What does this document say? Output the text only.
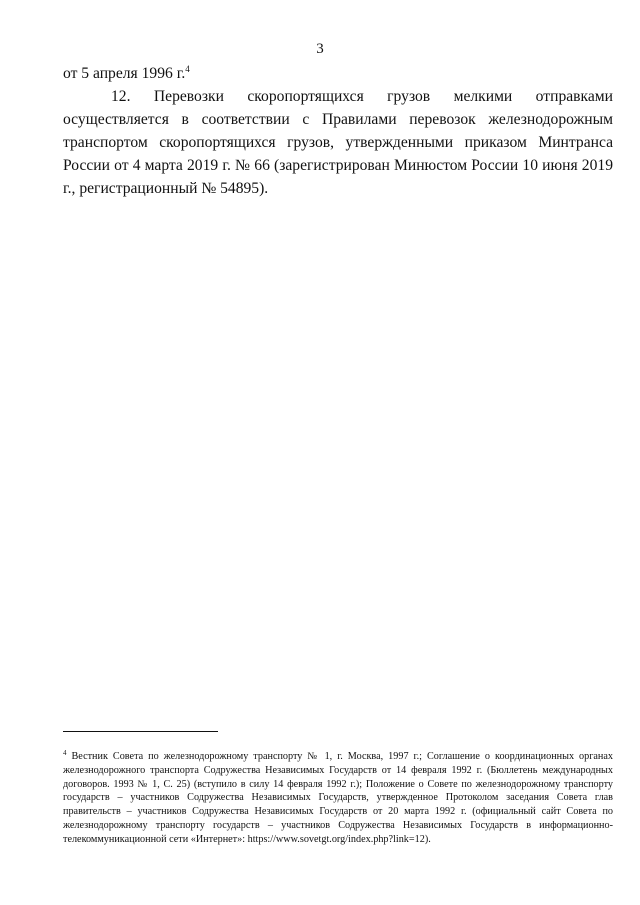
3

от 5 апреля 1996 г.$^4$

12. Перевозки скоропортящихся грузов мелкими отправками осуществляется в соответствии с Правилами перевозок железнодорожным транспортом скоропортящихся грузов, утвержденными приказом Минтранса России от 4 марта 2019 г. № 66 (зарегистрирован Минюстом России 10 июня 2019 г., регистрационный № 54895).

$^4$ Вестник Совета по железнодорожному транспорту № 1, г. Москва, 1997 г.; Соглашение о координационных органах железнодорожного транспорта Содружества Независимых Государств от 14 февраля 1992 г. (Бюллетень международных договоров. 1993 № 1, С. 25) (вступило в силу 14 февраля 1992 г.); Положение о Совете по железнодорожному транспорту государств – участников Содружества Независимых Государств, утвержденное Протоколом заседания Совета глав правительств – участников Содружества Независимых Государств от 20 марта 1992 г. (официальный сайт Совета по железнодорожному транспорту государств – участников Содружества Независимых Государств в информационно-телекоммуникационной сети «Интернет»: https://www.sovetgt.org/index.php?link=12).
